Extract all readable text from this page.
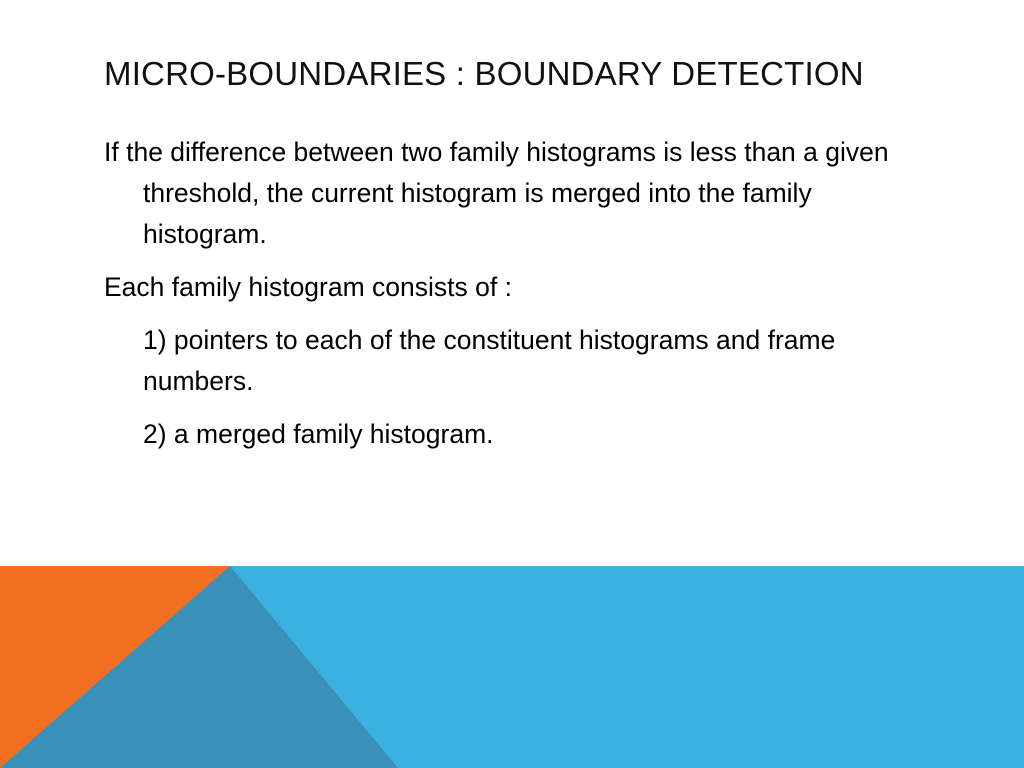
MICRO-BOUNDARIES : BOUNDARY DETECTION

If the difference between two family histograms is less than a given threshold, the current histogram is merged into the family histogram.

Each family histogram consists of :

1) pointers to each of the constituent histograms and frame numbers.

2) a merged family histogram.
